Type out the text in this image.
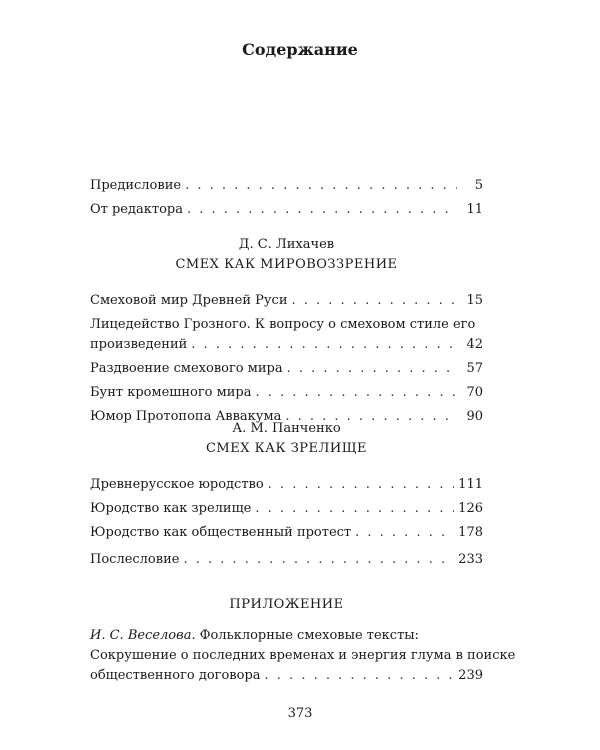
Содержание
Предисловие . . .	5
От редактора . . .	11
Д. С. Лихачев
СМЕХ КАК МИРОВОЗЗРЕНИЕ
Смеховой мир Древней Руси . . .	15
Лицедейство Грозного. К вопросу о смеховом стиле его
произведений . . .	42
Раздвоение смехового мира . . .	57
Бунт кромешного мира . . .	70
Юмор Протопопа Аввакума . . .	90
А. М. Панченко
СМЕХ КАК ЗРЕЛИЩЕ
Древнерусское юродство . . .	111
Юродство как зрелище . . .	126
Юродство как общественный протест . . .	178
Послесловие . . .	233
ПРИЛОЖЕНИЕ
И. С. Веселова. Фольклорные смеховые тексты:
Сокрушение о последних временах и энергия глума в поиске
общественного договора . . .	239
373
